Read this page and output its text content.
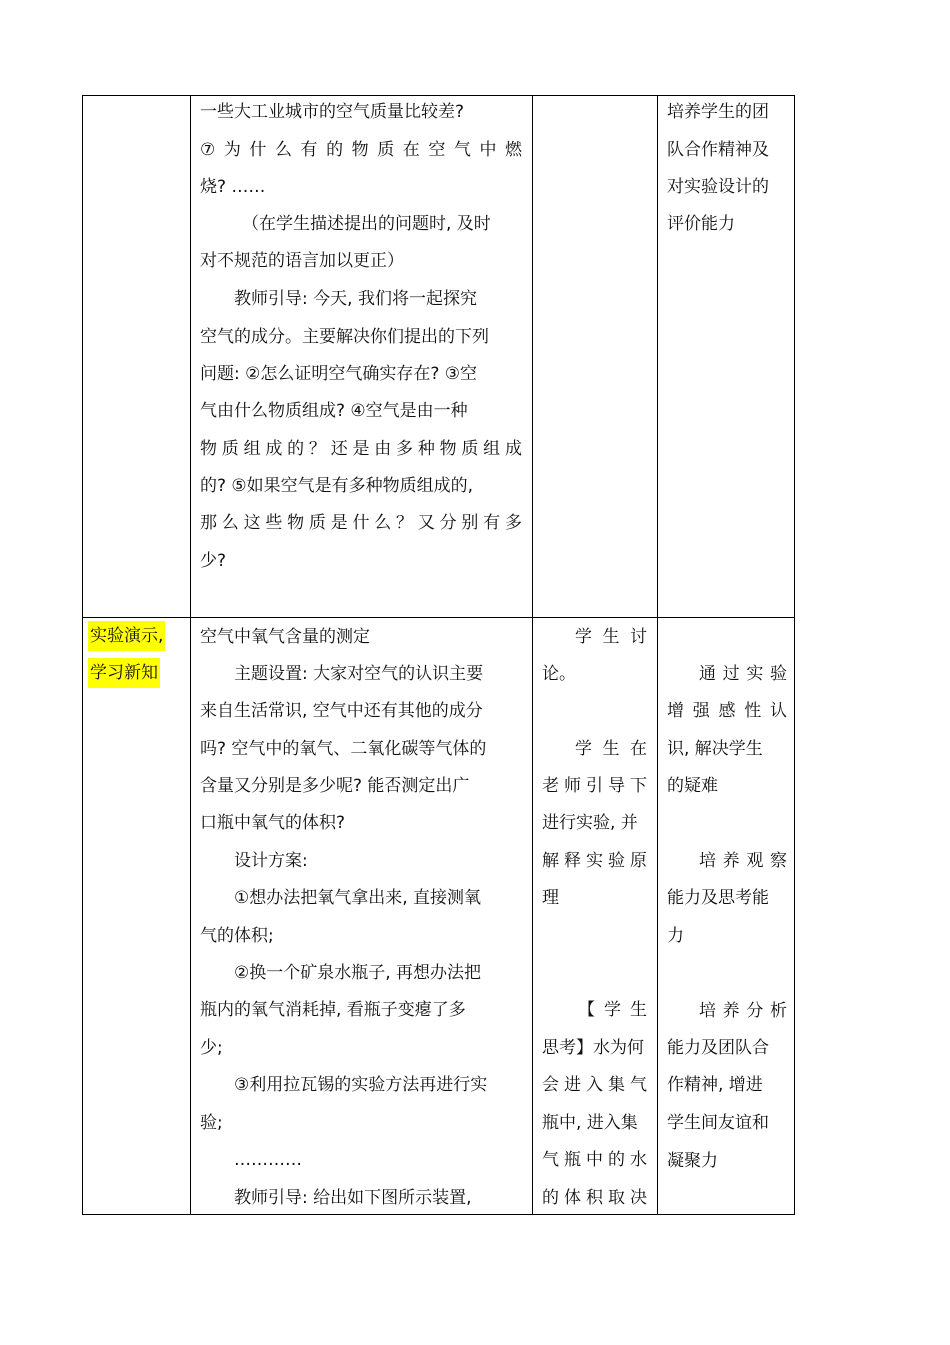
一些大工业城市的空气质量比较差?
⑦ 为 什 么 有 的 物 质 在 空 气 中 燃
烧? ……
（在学生描述提出的问题时, 及时
对不规范的语言加以更正）
教师引导: 今天, 我们将一起探究
空气的成分。主要解决你们提出的下列
问题: ②怎么证明空气确实存在? ③空
气由什么物质组成? ④空气是由一种
物 质 组 成 的 ？ 还 是 由 多 种 物 质 组 成
的? ⑤如果空气是有多种物质组成的,
那 么 这 些 物 质 是 什 么 ？ 又 分 别 有 多
少?
培养学生的团
队合作精神及
对实验设计的
评价能力
实验演示,
学习新知
空气中氧气含量的测定
主题设置: 大家对空气的认识主要
来自生活常识, 空气中还有其他的成分
吗? 空气中的氧气、二氧化碳等气体的
含量又分别是多少呢? 能否测定出广
口瓶中氧气的体积?
设计方案:
①想办法把氧气拿出来, 直接测氧
气的体积;
②换一个矿泉水瓶子, 再想办法把
瓶内的氧气消耗掉, 看瓶子变瘪了多
少;
③利用拉瓦锡的实验方法再进行实
验;
…………
教师引导: 给出如下图所示装置,
学 生 讨
论。
学 生 在
老 师 引 导 下
进行实验, 并
解 释 实 验 原
理
【 学 生
思考】水为何
会 进 入 集 气
瓶中, 进入集
气 瓶 中 的 水
的 体 积 取 决
通 过 实 验
增 强 感 性 认
识, 解决学生
的疑难
培 养 观 察
能力及思考能
力
培 养 分 析
能力及团队合
作精神, 增进
学生间友谊和
凝聚力
